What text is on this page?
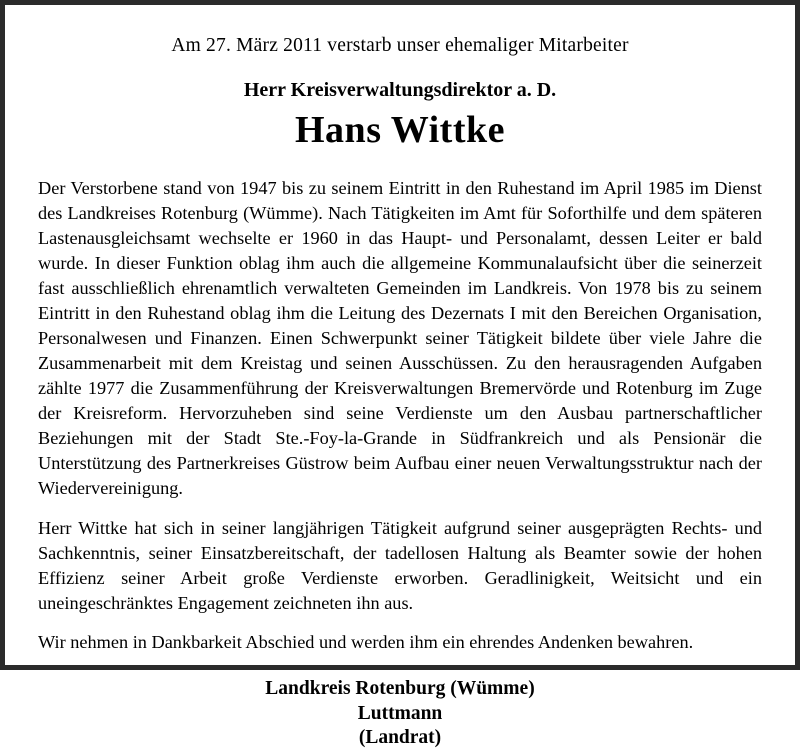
Am 27. März 2011 verstarb unser ehemaliger Mitarbeiter

Herr Kreisverwaltungsdirektor a. D.

Hans Wittke

Der Verstorbene stand von 1947 bis zu seinem Eintritt in den Ruhestand im April 1985 im Dienst des Landkreises Rotenburg (Wümme). Nach Tätigkeiten im Amt für Soforthilfe und dem späteren Lastenausgleichsamt wechselte er 1960 in das Haupt- und Personalamt, dessen Leiter er bald wurde. In dieser Funktion oblag ihm auch die allgemeine Kommunalaufsicht über die seinerzeit fast ausschließlich ehrenamtlich verwalteten Gemeinden im Landkreis. Von 1978 bis zu seinem Eintritt in den Ruhestand oblag ihm die Leitung des Dezernats I mit den Bereichen Organisation, Personalwesen und Finanzen. Einen Schwerpunkt seiner Tätigkeit bildete über viele Jahre die Zusammenarbeit mit dem Kreistag und seinen Ausschüssen. Zu den herausragenden Aufgaben zählte 1977 die Zusammenführung der Kreisverwaltungen Bremervörde und Rotenburg im Zuge der Kreisreform. Hervorzuheben sind seine Verdienste um den Ausbau partnerschaftlicher Beziehungen mit der Stadt Ste.-Foy-la-Grande in Südfrankreich und als Pensionär die Unterstützung des Partnerkreises Güstrow beim Aufbau einer neuen Verwaltungsstruktur nach der Wiedervereinigung.

Herr Wittke hat sich in seiner langjährigen Tätigkeit aufgrund seiner ausgeprägten Rechts- und Sachkenntnis, seiner Einsatzbereitschaft, der tadellosen Haltung als Beamter sowie der hohen Effizienz seiner Arbeit große Verdienste erworben. Geradlinigkeit, Weitsicht und ein uneingeschränktes Engagement zeichneten ihn aus.

Wir nehmen in Dankbarkeit Abschied und werden ihm ein ehrendes Andenken bewahren.

Landkreis Rotenburg (Wümme)
Luttmann
(Landrat)
